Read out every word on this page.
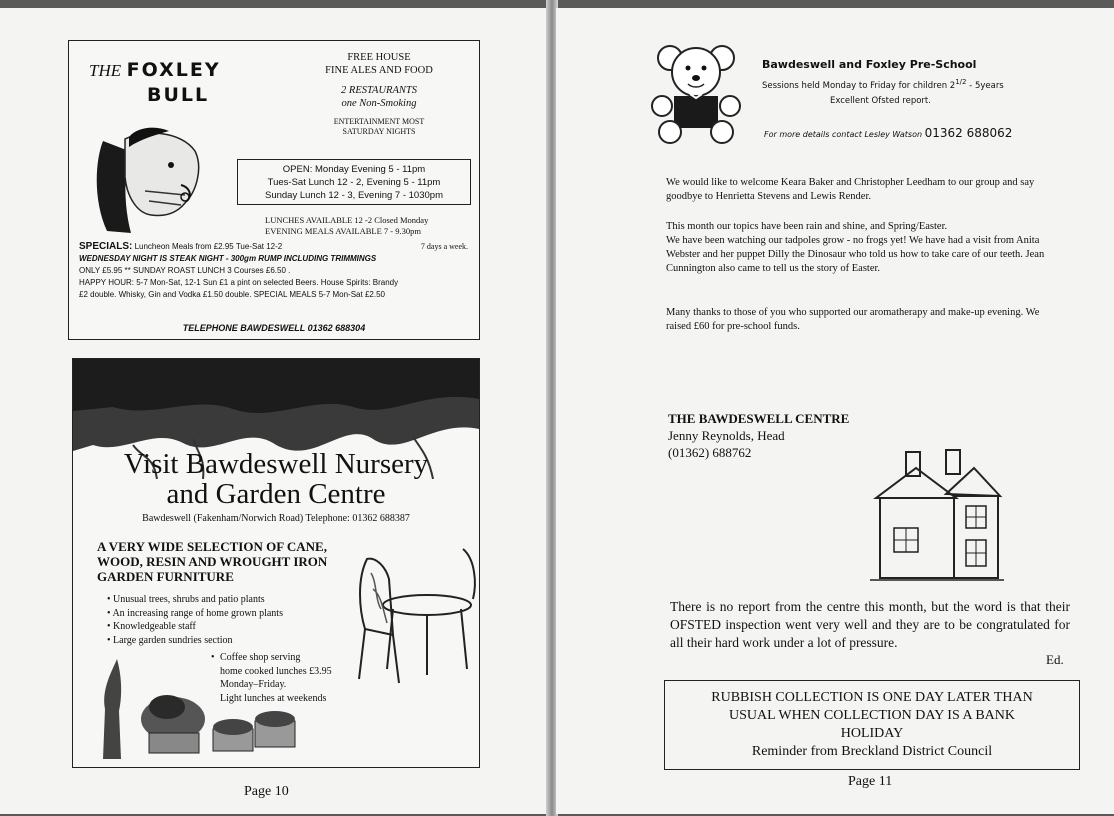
THE FOXLEY
BULL

FREE HOUSE
FINE ALES AND FOOD

2 RESTAURANTS
one Non-Smoking

ENTERTAINMENT MOST
SATURDAY NIGHTS

OPEN: Monday Evening 5 - 11pm
Tues-Sat Lunch 12 - 2, Evening 5 - 11pm
Sunday Lunch 12 - 3, Evening 7 - 1030pm
LUNCHES AVAILABLE 12 -2 Closed Monday
EVENING MEALS AVAILABLE 7 - 9.30pm
SPECIALS: Luncheon Meals from £2.95 Tue-Sat 12-2	7 days a week.
WEDNESDAY NIGHT IS STEAK NIGHT - 300gm RUMP INCLUDING TRIMMINGS
ONLY £5.95 ** SUNDAY ROAST LUNCH 3 Courses £6.50 .
HAPPY HOUR: 5-7 Mon-Sat, 12-1 Sun £1 a pint on selected Beers. House Spirits: Brandy
£2 double. Whisky, Gin and Vodka £1.50 double. SPECIAL MEALS 5-7 Mon-Sat £2.50
TELEPHONE BAWDESWELL 01362 688304
Visit Bawdeswell Nursery
and Garden Centre
Bawdeswell (Fakenham/Norwich Road) Telephone: 01362 688387
A VERY WIDE SELECTION OF CANE,
WOOD, RESIN AND WROUGHT IRON
GARDEN FURNITURE
• Unusual trees, shrubs and patio plants
• An increasing range of home grown plants
• Knowledgeable staff
• Large garden sundries section
• Coffee shop serving
home cooked lunches £3.95
Monday–Friday.
Light lunches at weekends
Page 10
Bawdeswell and Foxley Pre-School
Sessions held Monday to Friday for children $2^{1/2}$ - 5years
Excellent Ofsted report.
For more details contact Lesley Watson 01362 688062

We would like to welcome Keara Baker and Christopher Leedham to our group and say goodbye to Henrietta Stevens and Lewis Render.

This month our topics have been rain and shine, and Spring/Easter.

We have been watching our tadpoles grow - no frogs yet! We have had a visit from Anita Webster and her puppet Dilly the Dinosaur who told us how to take care of our teeth. Jean Cunnington also came to tell us the story of Easter.

Many thanks to those of you who supported our aromatherapy and make-up evening. We raised £60 for pre-school funds.

THE BAWDESWELL CENTRE
Jenny Reynolds, Head
(01362) 688762
There is no report from the centre this month, but the word is that their OFSTED inspection went very well and they are to be congratulated for all their hard work under a lot of pressure.
Ed.
RUBBISH COLLECTION IS ONE DAY LATER THAN
USUAL WHEN COLLECTION DAY IS A BANK
HOLIDAY
Reminder from Breckland District Council
Page 11
